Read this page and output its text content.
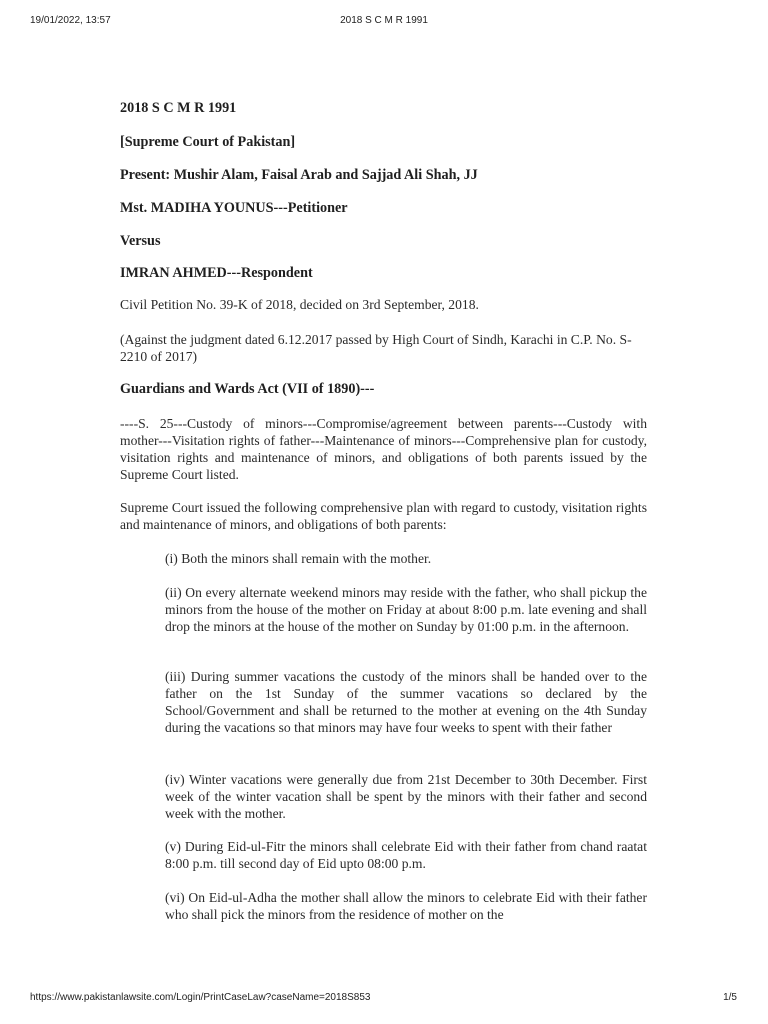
19/01/2022, 13:57	2018 S C M R 1991
2018 S C M R 1991
[Supreme Court of Pakistan]
Present: Mushir Alam, Faisal Arab and Sajjad Ali Shah, JJ
Mst. MADIHA YOUNUS---Petitioner
Versus
IMRAN AHMED---Respondent
Civil Petition No. 39-K of 2018, decided on 3rd September, 2018.
(Against the judgment dated 6.12.2017 passed by High Court of Sindh, Karachi in C.P. No. S-2210 of 2017)
Guardians and Wards Act (VII of 1890)---
----S. 25---Custody of minors---Compromise/agreement between parents---Custody with mother---Visitation rights of father---Maintenance of minors---Comprehensive plan for custody, visitation rights and maintenance of minors, and obligations of both parents issued by the Supreme Court listed.
Supreme Court issued the following comprehensive plan with regard to custody, visitation rights and maintenance of minors, and obligations of both parents:
(i) Both the minors shall remain with the mother.
(ii) On every alternate weekend minors may reside with the father, who shall pickup the minors from the house of the mother on Friday at about 8:00 p.m. late evening and shall drop the minors at the house of the mother on Sunday by 01:00 p.m. in the afternoon.
(iii) During summer vacations the custody of the minors shall be handed over to the father on the 1st Sunday of the summer vacations so declared by the School/Government and shall be returned to the mother at evening on the 4th Sunday during the vacations so that minors may have four weeks to spent with their father
(iv) Winter vacations were generally due from 21st December to 30th December. First week of the winter vacation shall be spent by the minors with their father and second week with the mother.
(v) During Eid-ul-Fitr the minors shall celebrate Eid with their father from chand raatat 8:00 p.m. till second day of Eid upto 08:00 p.m.
(vi) On Eid-ul-Adha the mother shall allow the minors to celebrate Eid with their father who shall pick the minors from the residence of mother on the
https://www.pakistanlawsite.com/Login/PrintCaseLaw?caseName=2018S853	1/5
